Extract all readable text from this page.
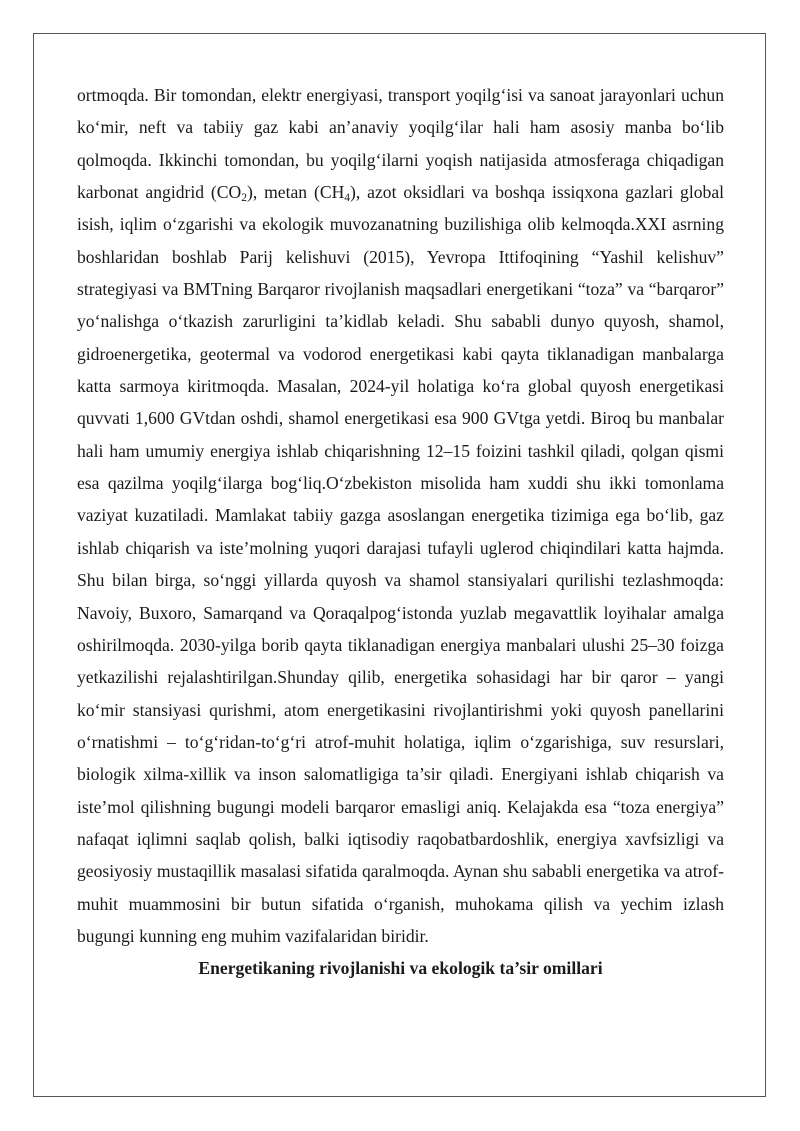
ortmoqda. Bir tomondan, elektr energiyasi, transport yoqilg‘isi va sanoat jarayonlari uchun ko‘mir, neft va tabiiy gaz kabi an’anaviy yoqilg‘ilar hali ham asosiy manba bo‘lib qolmoqda. Ikkinchi tomondan, bu yoqilg‘ilarni yoqish natijasida atmosferaga chiqadigan karbonat angidrid $(CO_2)$, metan $(CH_4)$, azot oksidlari va boshqa issiqxona gazlari global isish, iqlim o‘zgarishi va ekologik muvozanatning buzilishiga olib kelmoqda.XXI asrning boshlaridan boshlab Parij kelishuvi (2015), Yevropa Ittifoqining “Yashil kelishuv” strategiyasi va BMTning Barqaror rivojlanish maqsadlari energetikani “toza” va “barqaror” yo‘nalishga o‘tkazish zarurligini ta’kidlab keladi. Shu sababli dunyo quyosh, shamol, gidroenergetika, geotermal va vodorod energetikasi kabi qayta tiklanadigan manbalarga katta sarmoya kiritmoqda. Masalan, 2024-yil holatiga ko‘ra global quyosh energetikasi quvvati 1,600 GVtdan oshdi, shamol energetikasi esa 900 GVtga yetdi. Biroq bu manbalar hali ham umumiy energiya ishlab chiqarishning 12–15 foizini tashkil qiladi, qolgan qismi esa qazilma yoqilg‘ilarga bog‘liq.O‘zbekiston misolida ham xuddi shu ikki tomonlama vaziyat kuzatiladi. Mamlakat tabiiy gazga asoslangan energetika tizimiga ega bo‘lib, gaz ishlab chiqarish va iste’molning yuqori darajasi tufayli uglerod chiqindilari katta hajmda. Shu bilan birga, so‘nggi yillarda quyosh va shamol stansiyalari qurilishi tezlashmoqda: Navoiy, Buxoro, Samarqand va Qoraqalpog‘istonda yuzlab megavattlik loyihalar amalga oshirilmoqda. 2030-yilga borib qayta tiklanadigan energiya manbalari ulushi 25–30 foizga yetkazilishi rejalashtirilgan.Shunday qilib, energetika sohasidagi har bir qaror – yangi ko‘mir stansiyasi qurishmi, atom energetikasini rivojlantirishmi yoki quyosh panellarini o‘rnatishmi – to‘g‘ridan-to‘g‘ri atrof-muhit holatiga, iqlim o‘zgarishiga, suv resurslari, biologik xilma-xillik va inson salomatligiga ta’sir qiladi. Energiyani ishlab chiqarish va iste’mol qilishning bugungi modeli barqaror emasligi aniq. Kelajakda esa “toza energiya” nafaqat iqlimni saqlab qolish, balki iqtisodiy raqobatbardoshlik, energiya xavfsizligi va geosiyosiy mustaqillik masalasi sifatida qaralmoqda. Aynan shu sababli energetika va atrof-muhit muammosini bir butun sifatida o‘rganish, muhokama qilish va yechim izlash bugungi kunning eng muhim vazifalaridan biridir.

Energetikaning rivojlanishi va ekologik ta’sir omillari
